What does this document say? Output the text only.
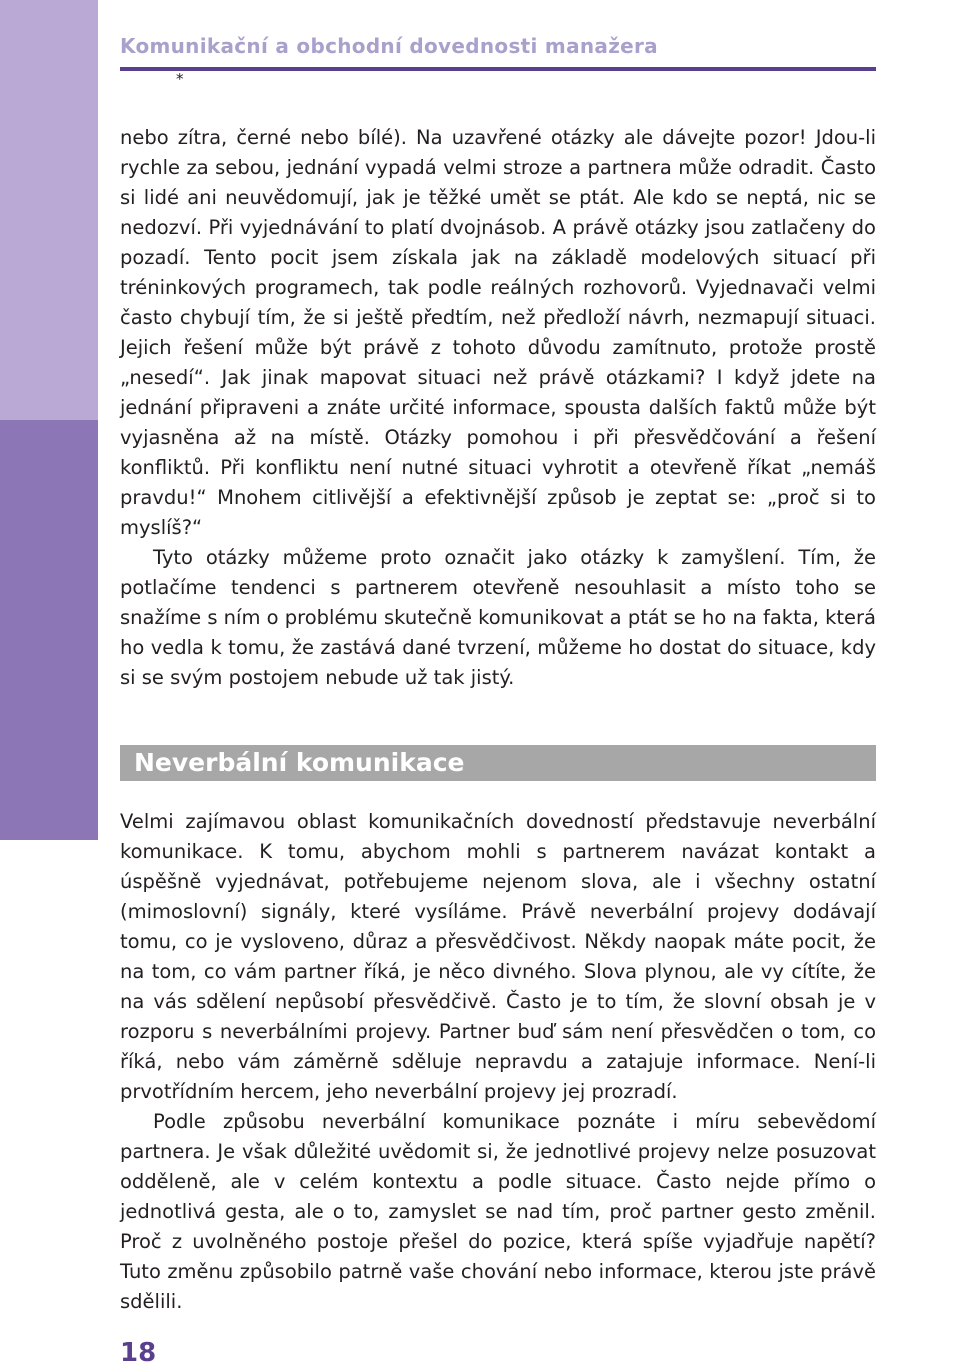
Komunikační a obchodní dovednosti manažera
*

nebo zítra, černé nebo bílé). Na uzavřené otázky ale dávejte pozor! Jdou-li rychle za sebou, jednání vypadá velmi stroze a partnera může odradit. Často si lidé ani neuvědomují, jak je těžké umět se ptát. Ale kdo se neptá, nic se nedozví. Při vyjednávání to platí dvojnásob. A právě otázky jsou zatlačeny do pozadí. Tento pocit jsem získala jak na základě modelových situací při tréninkových programech, tak podle reálných rozhovorů. Vyjednavači velmi často chybují tím, že si ještě předtím, než předloží návrh, nezmapují situaci. Jejich řešení může být právě z tohoto důvodu zamítnuto, protože prostě „nesedí“. Jak jinak mapovat situaci než právě otázkami? I když jdete na jednání připraveni a znáte určité informace, spousta dalších faktů může být vyjasněna až na místě. Otázky pomohou i při přesvědčování a řešení konfliktů. Při konfliktu není nutné situaci vyhrotit a otevřeně říkat „nemáš pravdu!“ Mnohem citlivější a efektivnější způsob je zeptat se: „proč si to myslíš?“

Tyto otázky můžeme proto označit jako otázky k zamyšlení. Tím, že potlačíme tendenci s partnerem otevřeně nesouhlasit a místo toho se snažíme s ním o problému skutečně komunikovat a ptát se ho na fakta, která ho vedla k tomu, že zastává dané tvrzení, můžeme ho dostat do situace, kdy si se svým postojem nebude už tak jistý.

Neverbální komunikace

Velmi zajímavou oblast komunikačních dovedností představuje neverbální komunikace. K tomu, abychom mohli s partnerem navázat kontakt a úspěšně vyjednávat, potřebujeme nejenom slova, ale i všechny ostatní (mimoslovní) signály, které vysíláme. Právě neverbální projevy dodávají tomu, co je vysloveno, důraz a přesvědčivost. Někdy naopak máte pocit, že na tom, co vám partner říká, je něco divného. Slova plynou, ale vy cítíte, že na vás sdělení nepůsobí přesvědčivě. Často je to tím, že slovní obsah je v rozporu s neverbálními projevy. Partner buď sám není přesvědčen o tom, co říká, nebo vám záměrně sděluje nepravdu a zatajuje informace. Není-li prvotřídním hercem, jeho neverbální projevy jej prozradí.

Podle způsobu neverbální komunikace poznáte i míru sebevědomí partnera. Je však důležité uvědomit si, že jednotlivé projevy nelze posuzovat odděleně, ale v celém kontextu a podle situace. Často nejde přímo o jednotlivá gesta, ale o to, zamyslet se nad tím, proč partner gesto změnil. Proč z uvolněného postoje přešel do pozice, která spíše vyjadřuje napětí? Tuto změnu způsobilo patrně vaše chování nebo informace, kterou jste právě sdělili.

18
